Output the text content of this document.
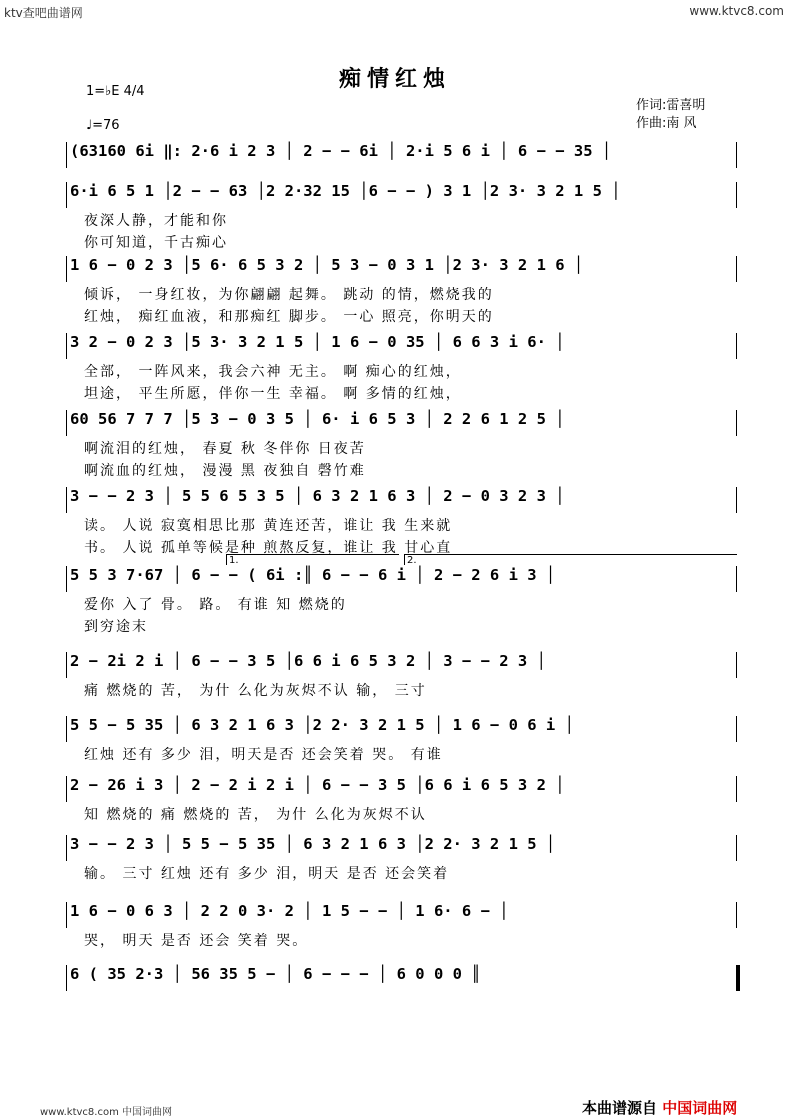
ktv查吧曲谱网	www.ktvc8.com
痴情红烛
1=♭E 4/4
♩=76
作词:雷喜明
作曲:南 风
(63160 6i ‖: 2·6 i 2 3 │ 2 − − 6i │ 2·i 5 6 i │ 6 − − 35 │
6·i 6 5 1 │2 − − 63 │2 2·32 15 │6 − − ) 3 1 │2 3· 3 2 1 5 │
夜深人静，才能和你
你可知道，千古痴心
1 6 − 0 2 3 │5 6· 6 5 3 2 │ 5 3 − 0 3 1 │2 3· 3 2 1 6 │
倾诉， 一身红妆，为你翩翩 起舞。 跳动 的情，燃烧我的
红烛， 痴红血液，和那痴红 脚步。 一心 照亮，你明天的
3 2 − 0 2 3 │5 3· 3 2 1 5 │ 1 6 − 0 35 │ 6 6 3 i 6· │
全部， 一阵风来，我会六神 无主。 啊 痴心的红烛，
坦途， 平生所愿，伴你一生 幸福。 啊 多情的红烛，
60 56 7 7 7 │5 3 − 0 3 5 │ 6· i 6 5 3 │ 2 2 6 1 2 5 │
啊流泪的红烛， 春夏 秋 冬伴你 日夜苦
啊流血的红烛， 漫漫 黑 夜独自 磬竹难
3 − − 2 3 │ 5 5 6 5 3 5 │ 6 3 2 1 6 3 │ 2 − 0 3 2 3 │
读。 人说 寂寞相思比那 黄连还苦，谁让 我 生来就
书。 人说 孤单等候是种 煎熬反复，谁让 我 甘心直
5 5 3 7·67 │ 6 − − ( 6i :║ 6 − − 6 i │ 2 − 2 6 i 3 │
1.	2.
爱你 入了 骨。 路。 有谁 知 燃烧的
到穷途末
2 − 2i 2 i │ 6 − − 3 5 │6 6 i 6 5 3 2 │ 3 − − 2 3 │
痛 燃烧的 苦， 为什 么化为灰烬不认 输， 三寸
5 5 − 5 35 │ 6 3 2 1 6 3 │2 2· 3 2 1 5 │ 1 6 − 0 6 i │
红烛 还有 多少 泪，明天是否 还会笑着 哭。 有谁
2 − 26 i 3 │ 2 − 2 i 2 i │ 6 − − 3 5 │6 6 i 6 5 3 2 │
知 燃烧的 痛 燃烧的 苦， 为什 么化为灰烬不认
3 − − 2 3 │ 5 5 − 5 35 │ 6 3 2 1 6 3 │2 2· 3 2 1 5 │
输。 三寸 红烛 还有 多少 泪，明天 是否 还会笑着
1 6 − 0 6 3 │ 2 2 0 3· 2 │ 1 5 − − │ 1 6· 6 − │
哭， 明天 是否 还会 笑着 哭。
6 ( 35 2·3 │ 56 35 5 − │ 6 − − − │ 6 0 0 0 ║
www.ktvc8.com 中国词曲网	本曲谱源自 中国词曲网
